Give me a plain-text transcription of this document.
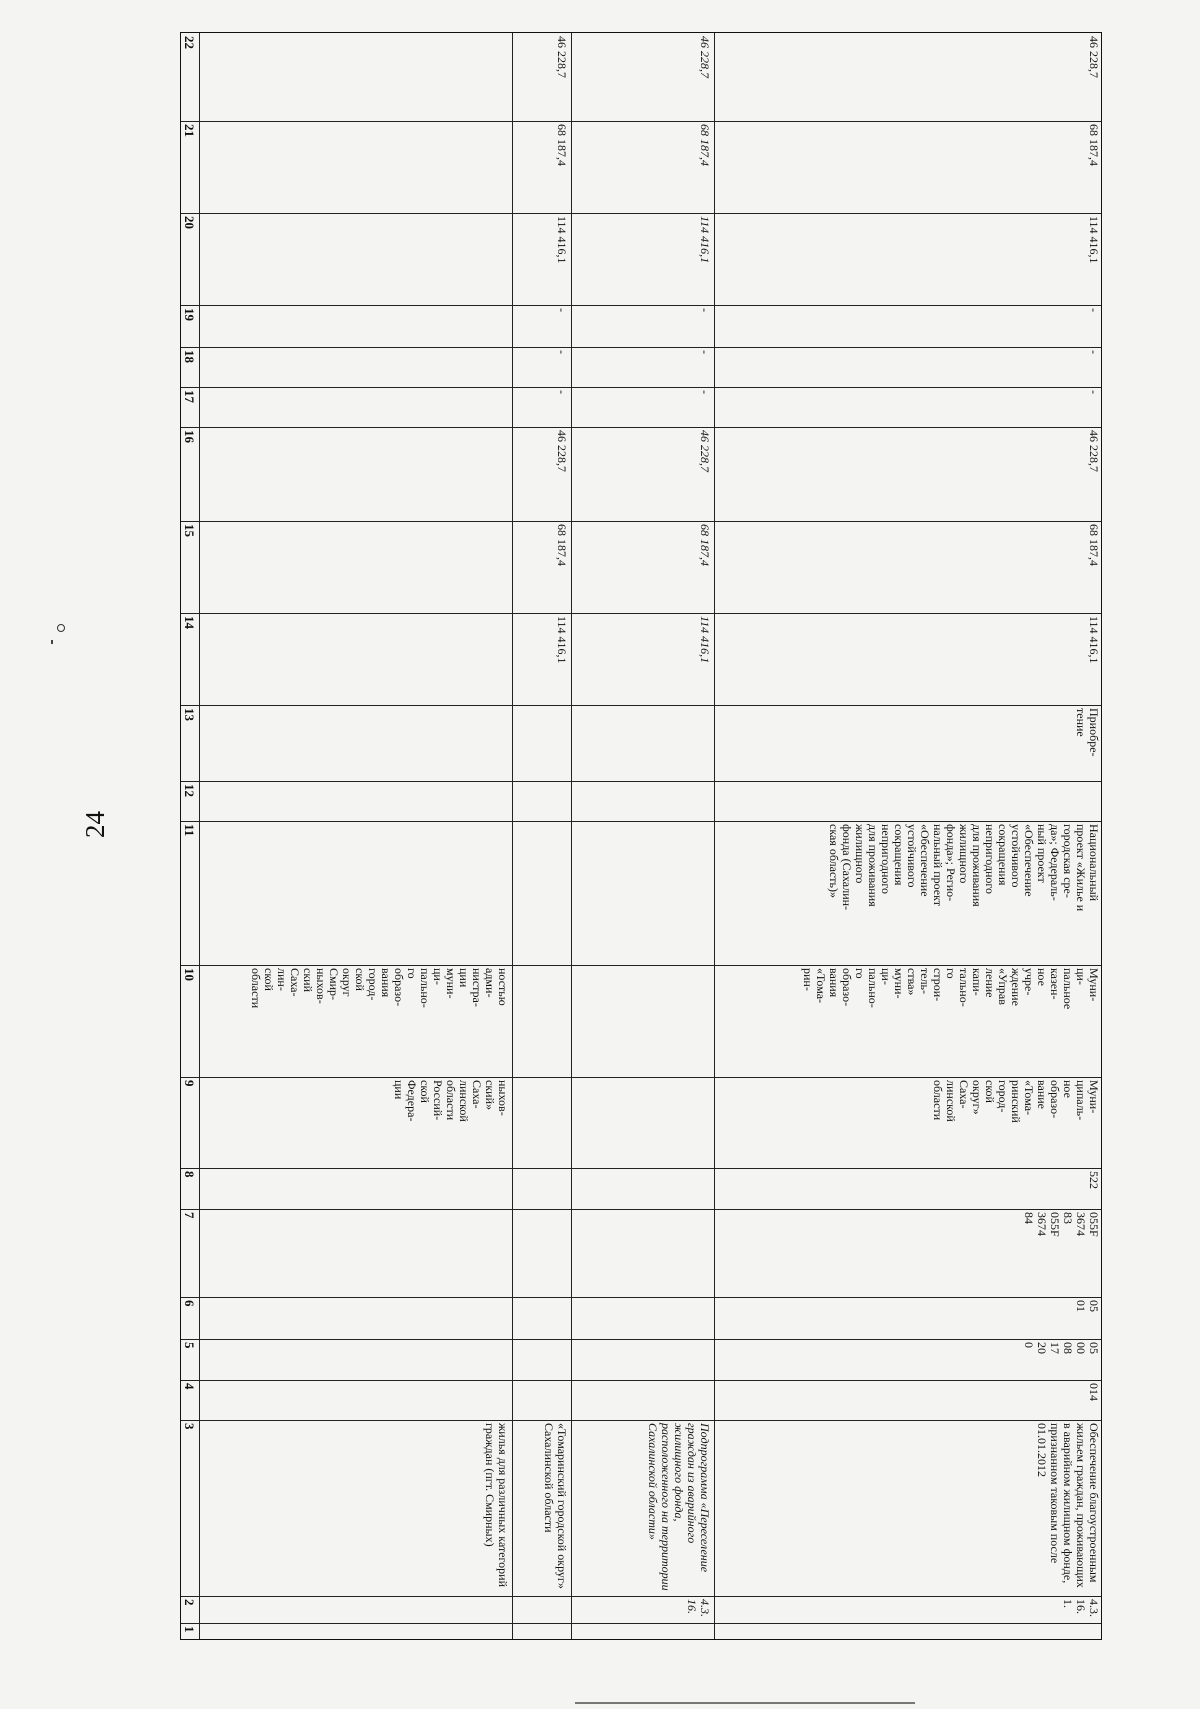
24
1
2
3
4
5
6
7
8
9
10
11
12
13
14
15
16
17
18
19
20
21
22
жилья для различных категорий граждан (пгт. Смирных)
ныхов-
ский»
Саха-
линской
области
Россий-
ской
Федера-
ции
ностью
адми-
нистра-
ции
муни-
ци-
пально-
го
образо-
вания
город-
ской
округ
Смир-
ныхов-
ский
Саха-
лин-
ской
области
«Томаринский городской округ» Сахалинской области
114 416,1
68 187,4
46 228,7
-
-
-
114 416,1
68 187,4
46 228,7
4.3.
16.
Подпрограмма «Переселение граждан из аварийного жилищного фонда, расположенного на территории Сахалинской области»
114 416,1
68 187,4
46 228,7
-
-
-
114 416,1
68 187,4
46 228,7
4.3.
16.
1.
Обеспечение благоустроенным жильем граждан, проживающих в аварийном жилищном фонде, признанном таковым после 01.01.2012
014
05
00
08
17
20
0
05
01
055F
3674
83
055F
3674
84
522
Муни-
ципаль-
ное
образо-
вание
«Тома-
ринский
город-
ской
округ»
Саха-
линской
области
Муни-
ци-
пальное
казен-
ное
учре-
ждение
«Управ
ление
капи-
тально-
го
строи-
тель-
ства»
муни-
ци-
пально-
го
образо-
вания
«Тома-
рин-
Национальный
проект «Жилье и
городская сре-
да»; Федераль-
ный проект
«Обеспечение
устойчивого
сокращения
непригодного
для проживания
жилищного
фонда»; Регио-
нальный проект
«Обеспечение
устойчивого
сокращения
непригодного
для проживания
жилищного
фонда (Сахалин-
ская область)»
Приобре-
тение
114 416,1
68 187,4
46 228,7
-
-
-
114 416,1
68 187,4
46 228,7
